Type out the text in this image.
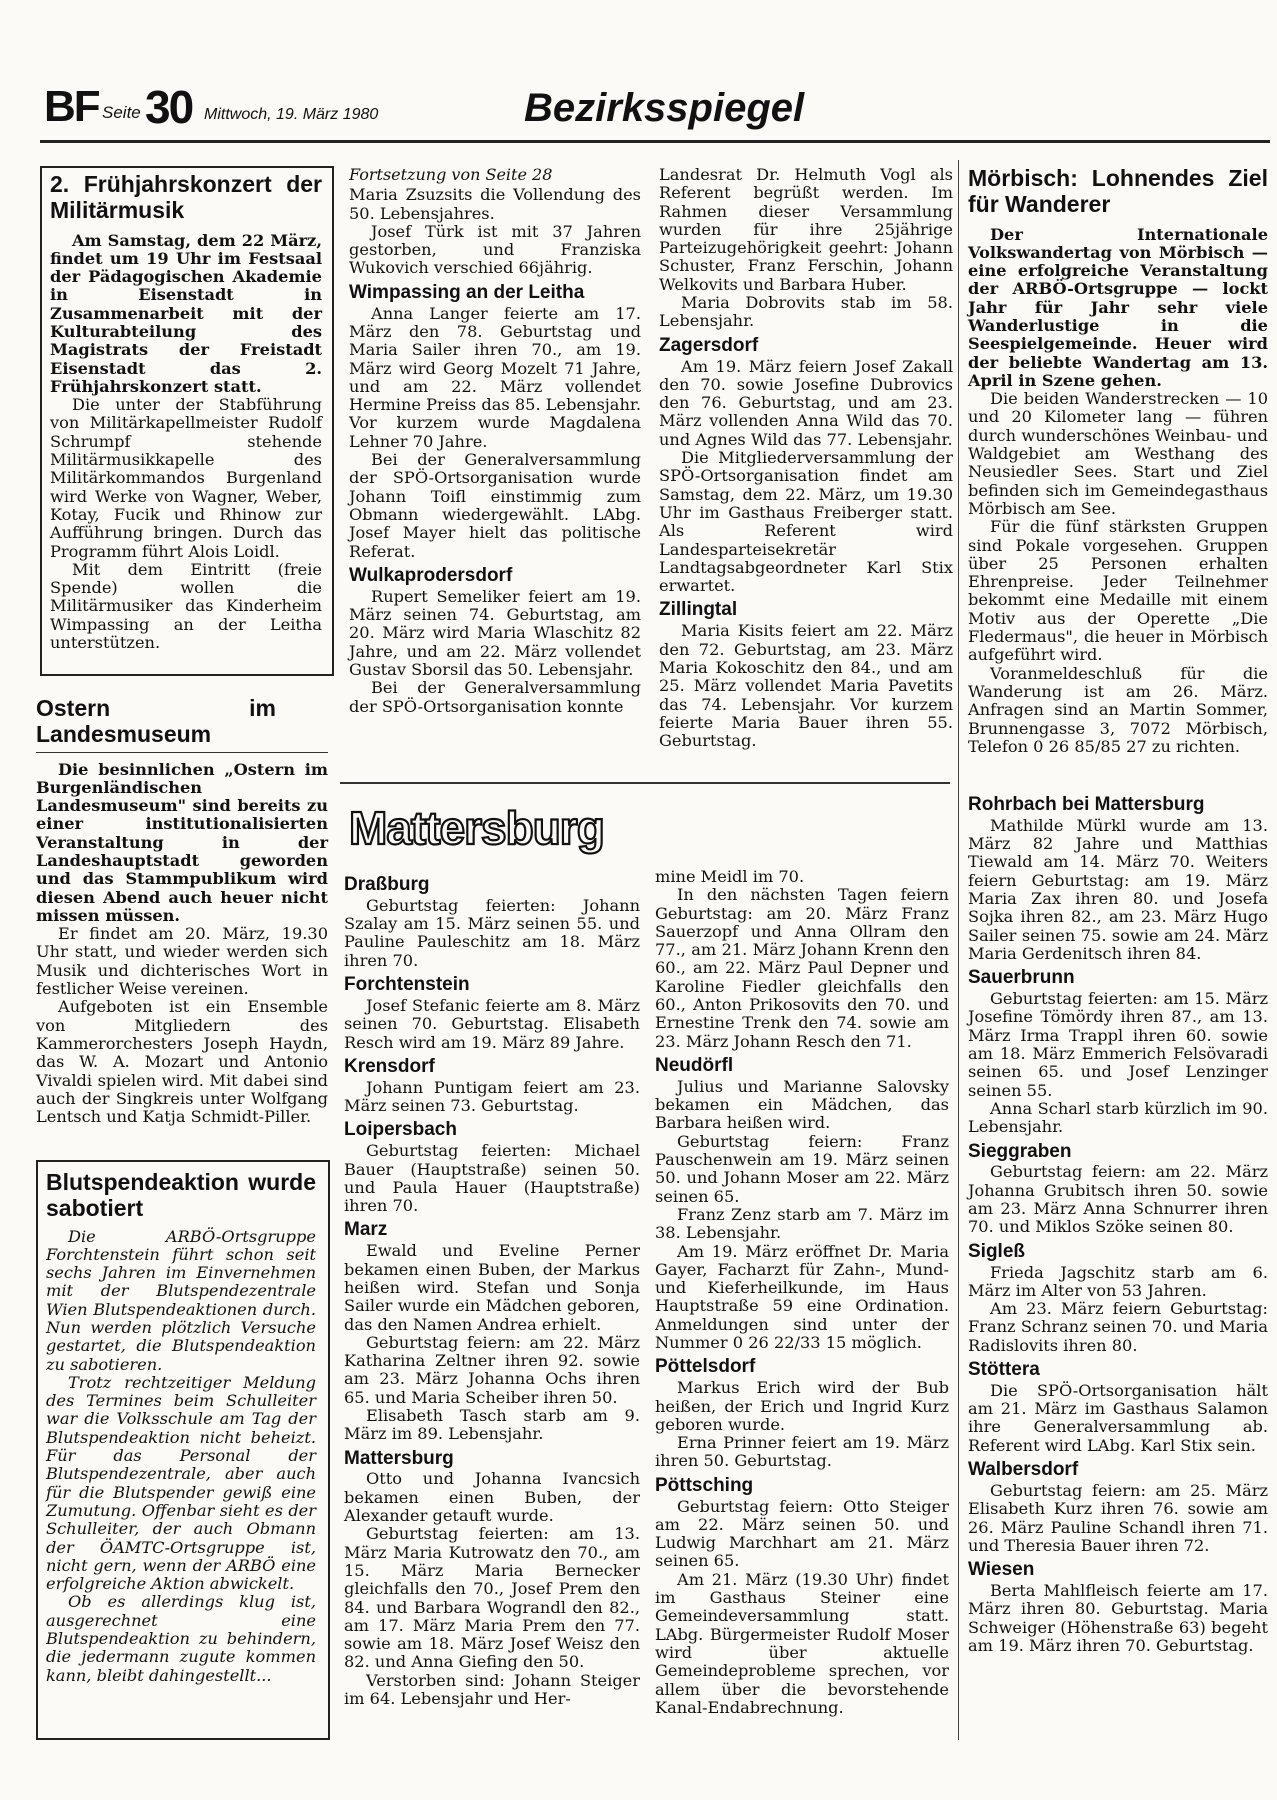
BF Seite 30 Mittwoch, 19. März 1980	Bezirksspiegel
2. Frühjahrskonzert der Militärmusik

Am Samstag, dem 22 März, findet um 19 Uhr im Festsaal der Pädagogischen Akademie in Eisenstadt in Zusammenarbeit mit der Kulturabteilung des Magistrats der Freistadt Eisenstadt das 2. Frühjahrskonzert statt.

Die unter der Stabführung von Militärkapellmeister Rudolf Schrumpf stehende Militärmusikkapelle des Militärkommandos Burgenland wird Werke von Wagner, Weber, Kotay, Fucik und Rhinow zur Aufführung bringen. Durch das Programm führt Alois Loidl.

Mit dem Eintritt (freie Spende) wollen die Militärmusiker das Kinderheim Wimpassing an der Leitha unterstützen.

Ostern im Landesmuseum

Die besinnlichen „Ostern im Burgenländischen Landesmuseum" sind bereits zu einer institutionalisierten Veranstaltung in der Landeshauptstadt geworden und das Stammpublikum wird diesen Abend auch heuer nicht missen müssen.

Er findet am 20. März, 19.30 Uhr statt, und wieder werden sich Musik und dichterisches Wort in festlicher Weise vereinen.

Aufgeboten ist ein Ensemble von Mitgliedern des Kammerorchesters Joseph Haydn, das W. A. Mozart und Antonio Vivaldi spielen wird. Mit dabei sind auch der Singkreis unter Wolfgang Lentsch und Katja Schmidt-Piller.

Blutspendeaktion wurde sabotiert

Die ARBÖ-Ortsgruppe Forchtenstein führt schon seit sechs Jahren im Einvernehmen mit der Blutspendezentrale Wien Blutspendeaktionen durch. Nun werden plötzlich Versuche gestartet, die Blutspendeaktion zu sabotieren.

Trotz rechtzeitiger Meldung des Termines beim Schulleiter war die Volksschule am Tag der Blutspendeaktion nicht beheizt. Für das Personal der Blutspendezentrale, aber auch für die Blutspender gewiß eine Zumutung. Offenbar sieht es der Schulleiter, der auch Obmann der ÖAMTC-Ortsgruppe ist, nicht gern, wenn der ARBÖ eine erfolgreiche Aktion abwickelt.

Ob es allerdings klug ist, ausgerechnet eine Blutspendeaktion zu behindern, die jedermann zugute kommen kann, bleibt dahingestellt...

Fortsetzung von Seite 28

Maria Zsuzsits die Vollendung des 50. Lebensjahres.

Josef Türk ist mit 37 Jahren gestorben, und Franziska Wukovich verschied 66jährig.

Wimpassing an der Leitha

Anna Langer feierte am 17. März den 78. Geburtstag und Maria Sailer ihren 70., am 19. März wird Georg Mozelt 71 Jahre, und am 22. März vollendet Hermine Preiss das 85. Lebensjahr. Vor kurzem wurde Magdalena Lehner 70 Jahre.

Bei der Generalversammlung der SPÖ-Ortsorganisation wurde Johann Toifl einstimmig zum Obmann wiedergewählt. LAbg. Josef Mayer hielt das politische Referat.

Wulkaprodersdorf

Rupert Semeliker feiert am 19. März seinen 74. Geburtstag, am 20. März wird Maria Wlaschitz 82 Jahre, und am 22. März vollendet Gustav Sborsil das 50. Lebensjahr.

Bei der Generalversammlung der SPÖ-Ortsorganisation konnte

Landesrat Dr. Helmuth Vogl als Referent begrüßt werden. Im Rahmen dieser Versammlung wurden für ihre 25jährige Parteizugehörigkeit geehrt: Johann Schuster, Franz Ferschin, Johann Welkovits und Barbara Huber.

Maria Dobrovits stab im 58. Lebensjahr.

Zagersdorf

Am 19. März feiern Josef Zakall den 70. sowie Josefine Dubrovics den 76. Geburtstag, und am 23. März vollenden Anna Wild das 70. und Agnes Wild das 77. Lebensjahr.

Die Mitgliederversammlung der SPÖ-Ortsorganisation findet am Samstag, dem 22. März, um 19.30 Uhr im Gasthaus Freiberger statt. Als Referent wird Landesparteisekretär Landtagsabgeordneter Karl Stix erwartet.

Zillingtal

Maria Kisits feiert am 22. März den 72. Geburtstag, am 23. März Maria Kokoschitz den 84., und am 25. März vollendet Maria Pavetits das 74. Lebensjahr. Vor kurzem feierte Maria Bauer ihren 55. Geburtstag.

Mörbisch: Lohnendes Ziel für Wanderer

Der Internationale Volkswandertag von Mörbisch — eine erfolgreiche Veranstaltung der ARBÖ-Ortsgruppe — lockt Jahr für Jahr sehr viele Wanderlustige in die Seespielgemeinde. Heuer wird der beliebte Wandertag am 13. April in Szene gehen.

Die beiden Wanderstrecken — 10 und 20 Kilometer lang — führen durch wunderschönes Weinbau- und Waldgebiet am Westhang des Neusiedler Sees. Start und Ziel befinden sich im Gemeindegasthaus Mörbisch am See.

Für die fünf stärksten Gruppen sind Pokale vorgesehen. Gruppen über 25 Personen erhalten Ehrenpreise. Jeder Teilnehmer bekommt eine Medaille mit einem Motiv aus der Operette „Die Fledermaus", die heuer in Mörbisch aufgeführt wird.

Voranmeldeschluß für die Wanderung ist am 26. März. Anfragen sind an Martin Sommer, Brunnengasse 3, 7072 Mörbisch, Telefon 0 26 85/85 27 zu richten.

Mattersburg
Draßburg

Geburtstag feierten: Johann Szalay am 15. März seinen 55. und Pauline Pauleschitz am 18. März ihren 70.

Forchtenstein

Josef Stefanic feierte am 8. März seinen 70. Geburtstag. Elisabeth Resch wird am 19. März 89 Jahre.

Krensdorf

Johann Puntigam feiert am 23. März seinen 73. Geburtstag.

Loipersbach

Geburtstag feierten: Michael Bauer (Hauptstraße) seinen 50. und Paula Hauer (Hauptstraße) ihren 70.

Marz

Ewald und Eveline Perner bekamen einen Buben, der Markus heißen wird. Stefan und Sonja Sailer wurde ein Mädchen geboren, das den Namen Andrea erhielt.

Geburtstag feiern: am 22. März Katharina Zeltner ihren 92. sowie am 23. März Johanna Ochs ihren 65. und Maria Scheiber ihren 50.

Elisabeth Tasch starb am 9. März im 89. Lebensjahr.

Mattersburg

Otto und Johanna Ivancsich bekamen einen Buben, der Alexander getauft wurde.

Geburtstag feierten: am 13. März Maria Kutrowatz den 70., am 15. März Maria Bernecker gleichfalls den 70., Josef Prem den 84. und Barbara Wograndl den 82., am 17. März Maria Prem den 77. sowie am 18. März Josef Weisz den 82. und Anna Giefing den 50.

Verstorben sind: Johann Steiger im 64. Lebensjahr und Her-

mine Meidl im 70.

In den nächsten Tagen feiern Geburtstag: am 20. März Franz Sauerzopf und Anna Ollram den 77., am 21. März Johann Krenn den 60., am 22. März Paul Depner und Karoline Fiedler gleichfalls den 60., Anton Prikosovits den 70. und Ernestine Trenk den 74. sowie am 23. März Johann Resch den 71.

Neudörfl

Julius und Marianne Salovsky bekamen ein Mädchen, das Barbara heißen wird.

Geburtstag feiern: Franz Pauschenwein am 19. März seinen 50. und Johann Moser am 22. März seinen 65.

Franz Zenz starb am 7. März im 38. Lebensjahr.

Am 19. März eröffnet Dr. Maria Gayer, Facharzt für Zahn-, Mund- und Kieferheilkunde, im Haus Hauptstraße 59 eine Ordination. Anmeldungen sind unter der Nummer 0 26 22/33 15 möglich.

Pöttelsdorf

Markus Erich wird der Bub heißen, der Erich und Ingrid Kurz geboren wurde.

Erna Prinner feiert am 19. März ihren 50. Geburtstag.

Pöttsching

Geburtstag feiern: Otto Steiger am 22. März seinen 50. und Ludwig Marchhart am 21. März seinen 65.

Am 21. März (19.30 Uhr) findet im Gasthaus Steiner eine Gemeindeversammlung statt. LAbg. Bürgermeister Rudolf Moser wird über aktuelle Gemeindeprobleme sprechen, vor allem über die bevorstehende Kanal-Endabrechnung.

Rohrbach bei Mattersburg

Mathilde Mürkl wurde am 13. März 82 Jahre und Matthias Tiewald am 14. März 70. Weiters feiern Geburtstag: am 19. März Maria Zax ihren 80. und Josefa Sojka ihren 82., am 23. März Hugo Sailer seinen 75. sowie am 24. März Maria Gerdenitsch ihren 84.

Sauerbrunn

Geburtstag feierten: am 15. März Josefine Tömördy ihren 87., am 13. März Irma Trappl ihren 60. sowie am 18. März Emmerich Felsövaradi seinen 65. und Josef Lenzinger seinen 55.

Anna Scharl starb kürzlich im 90. Lebensjahr.

Sieggraben

Geburtstag feiern: am 22. März Johanna Grubitsch ihren 50. sowie am 23. März Anna Schnurrer ihren 70. und Miklos Szöke seinen 80.

Sigleß

Frieda Jagschitz starb am 6. März im Alter von 53 Jahren.

Am 23. März feiern Geburtstag: Franz Schranz seinen 70. und Maria Radislovits ihren 80.

Stöttera

Die SPÖ-Ortsorganisation hält am 21. März im Gasthaus Salamon ihre Generalversammlung ab. Referent wird LAbg. Karl Stix sein.

Walbersdorf

Geburtstag feiern: am 25. März Elisabeth Kurz ihren 76. sowie am 26. März Pauline Schandl ihren 71. und Theresia Bauer ihren 72.

Wiesen

Berta Mahlfleisch feierte am 17. März ihren 80. Geburtstag. Maria Schweiger (Höhenstraße 63) begeht am 19. März ihren 70. Geburtstag.
